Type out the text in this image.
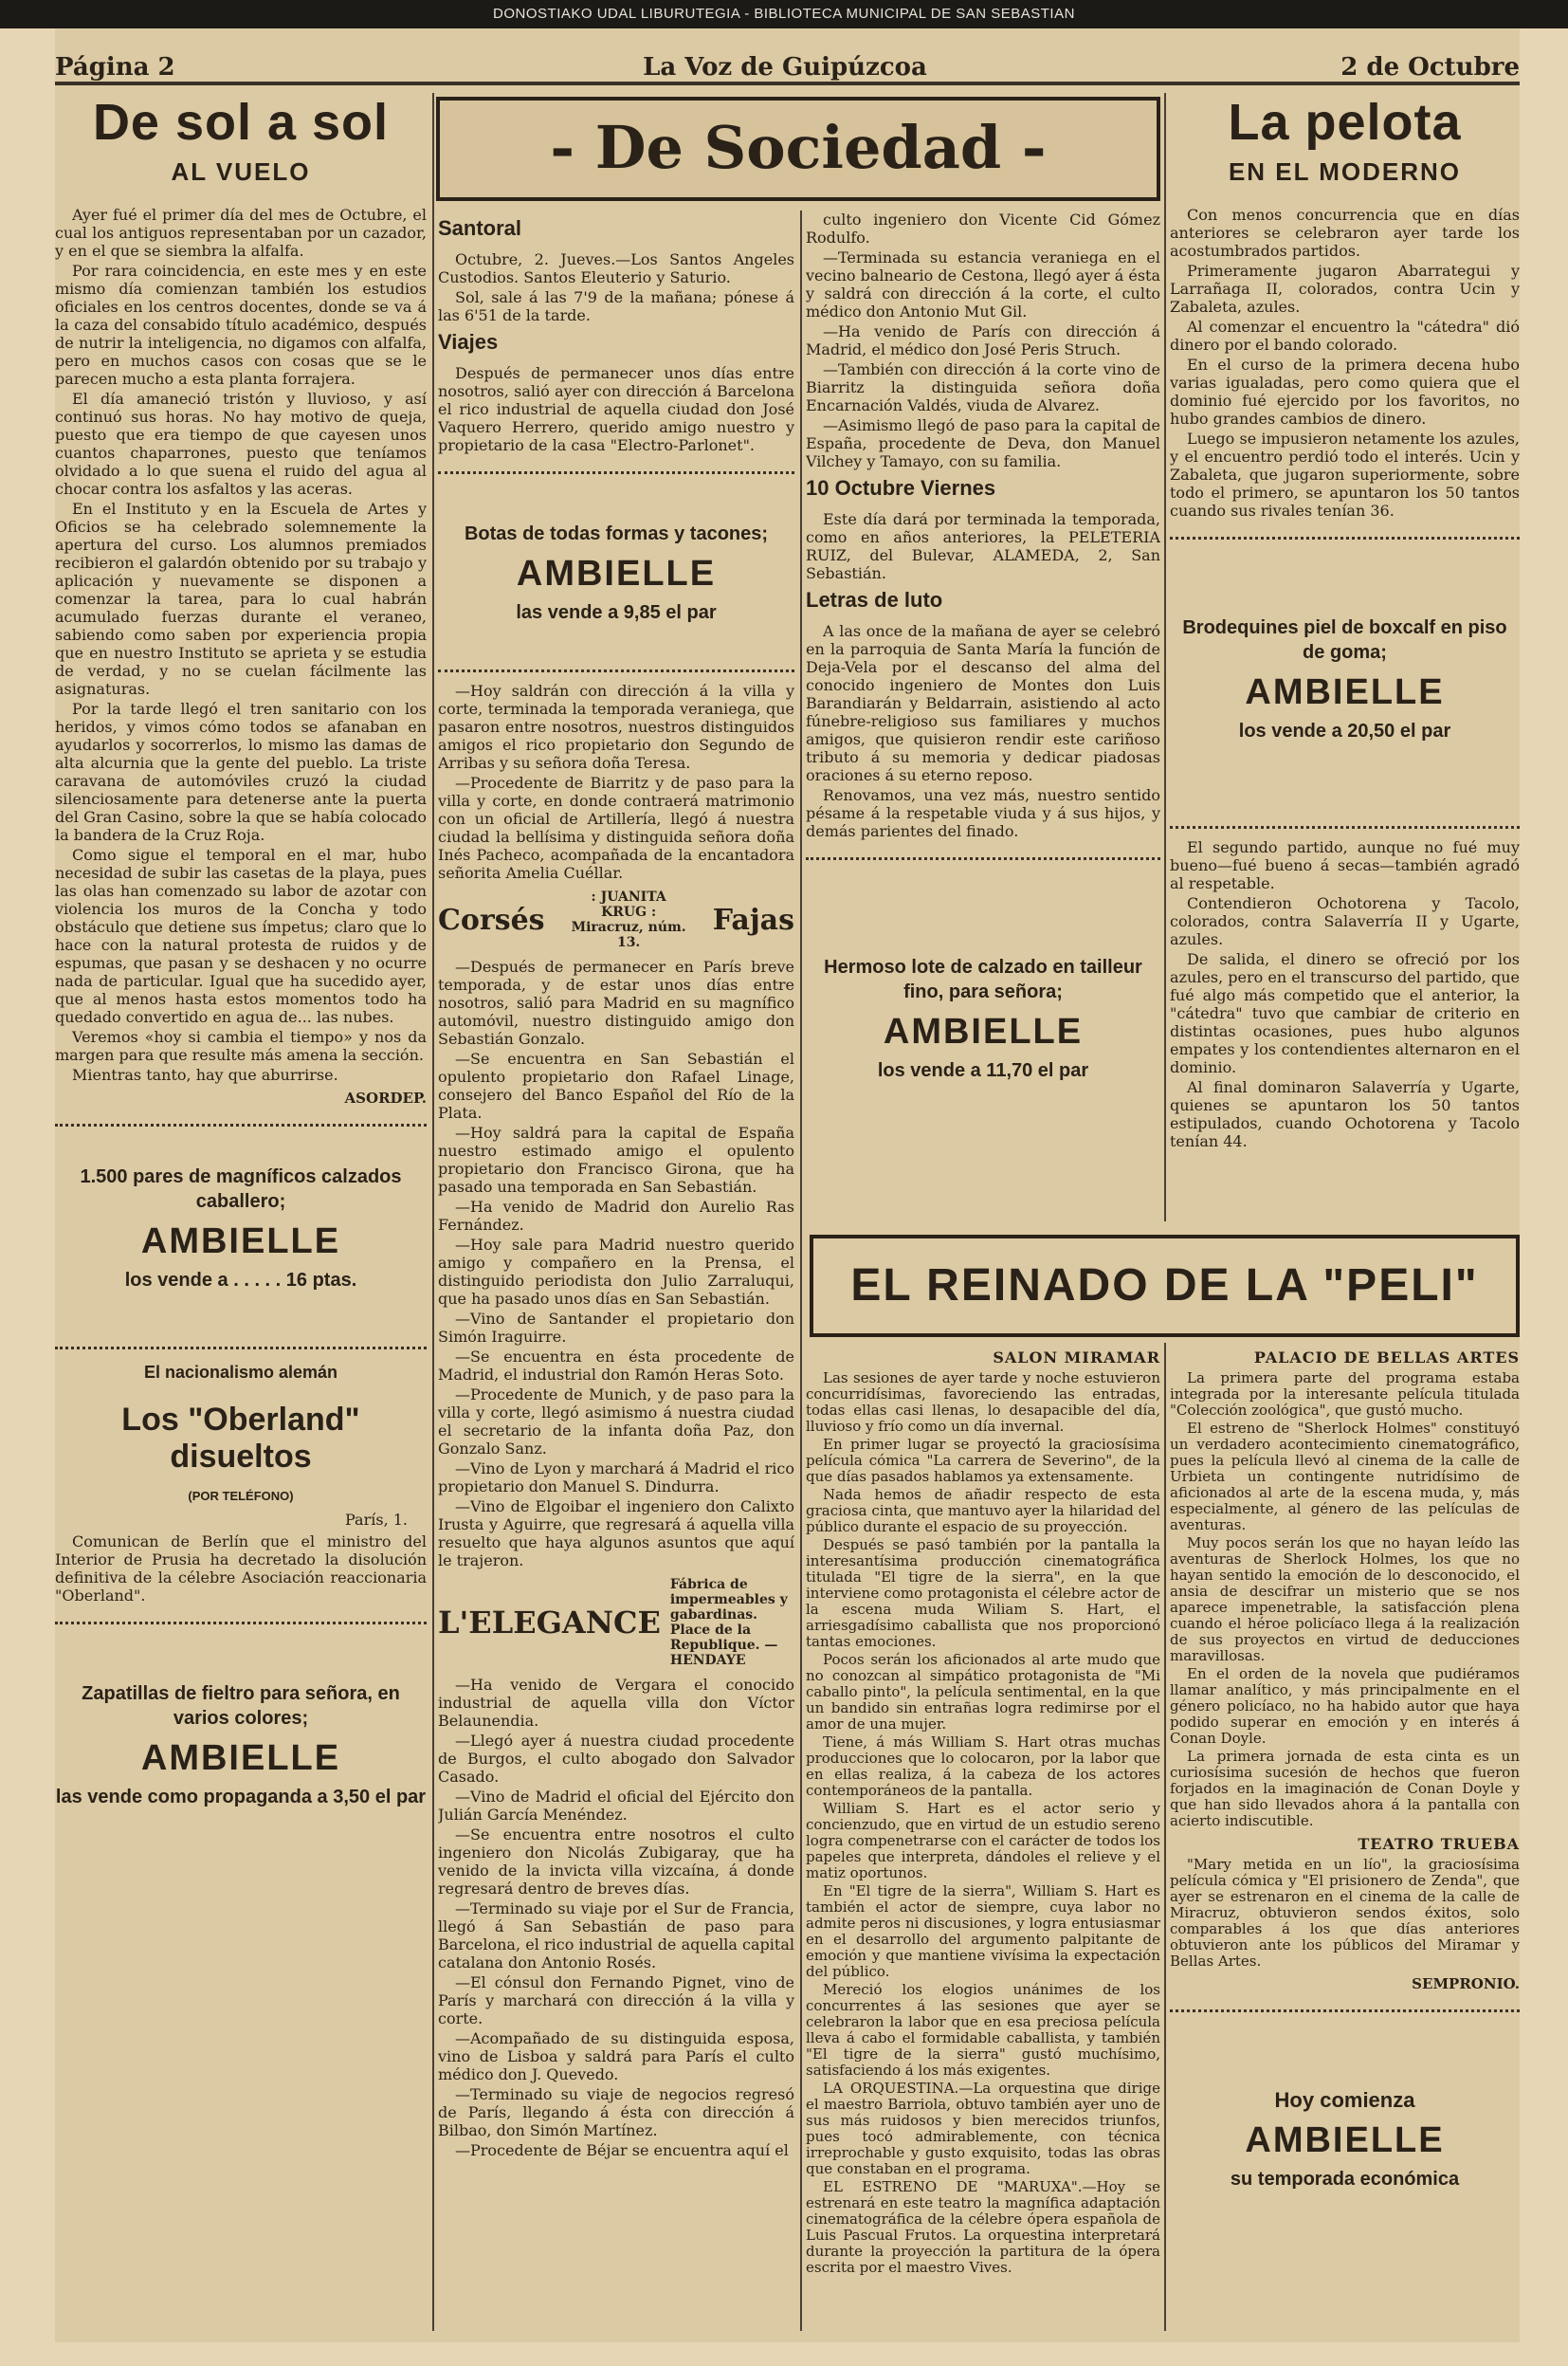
DONOSTIAKO UDAL LIBURUTEGIA - BIBLIOTECA MUNICIPAL DE SAN SEBASTIAN
Página 2	La Voz de Guipúzcoa	2 de Octubre
De sol a sol
AL VUELO

Ayer fué el primer día del mes de Octubre, el cual los antiguos representaban por un cazador, y en el que se siembra la alfalfa.

Por rara coincidencia, en este mes y en este mismo día comienzan también los estudios oficiales en los centros docentes, donde se va á la caza del consabido título académico, después de nutrir la inteligencia, no digamos con alfalfa, pero en muchos casos con cosas que se le parecen mucho a esta planta forrajera.

El día amaneció tristón y lluvioso, y así continuó sus horas. No hay motivo de queja, puesto que era tiempo de que cayesen unos cuantos chaparrones, puesto que teníamos olvidado a lo que suena el ruido del agua al chocar contra los asfaltos y las aceras.

En el Instituto y en la Escuela de Artes y Oficios se ha celebrado solemnemente la apertura del curso. Los alumnos premiados recibieron el galardón obtenido por su trabajo y aplicación y nuevamente se disponen a comenzar la tarea, para lo cual habrán acumulado fuerzas durante el veraneo, sabiendo como saben por experiencia propia que en nuestro Instituto se aprieta y se estudia de verdad, y no se cuelan fácilmente las asignaturas.

Por la tarde llegó el tren sanitario con los heridos, y vimos cómo todos se afanaban en ayudarlos y socorrerlos, lo mismo las damas de alta alcurnia que la gente del pueblo. La triste caravana de automóviles cruzó la ciudad silenciosamente para detenerse ante la puerta del Gran Casino, sobre la que se había colocado la bandera de la Cruz Roja.

Como sigue el temporal en el mar, hubo necesidad de subir las casetas de la playa, pues las olas han comenzado su labor de azotar con violencia los muros de la Concha y todo obstáculo que detiene sus ímpetus; claro que lo hace con la natural protesta de ruidos y de espumas, que pasan y se deshacen y no ocurre nada de particular. Igual que ha sucedido ayer, que al menos hasta estos momentos todo ha quedado convertido en agua de... las nubes.

Veremos «hoy si cambia el tiempo» y nos da margen para que resulte más amena la sección.

Mientras tanto, hay que aburrirse.

ASORDEP.
1.500 pares de magníficos calzados caballero;
AMBIELLE
los vende a . . . . . 16 ptas.
El nacionalismo alemán
Los "Oberland" disueltos
(POR TELÉFONO)
París, 1.

Comunican de Berlín que el ministro del Interior de Prusia ha decretado la disolución definitiva de la célebre Asociación reaccionaria "Oberland".

Zapatillas de fieltro para señora, en varios colores;
AMBIELLE
las vende como propaganda a 3,50 el par
- De Sociedad -
Santoral

Octubre, 2. Jueves.—Los Santos Angeles Custodios. Santos Eleuterio y Saturio.

Sol, sale á las 7'9 de la mañana; pónese á las 6'51 de la tarde.

Viajes

Después de permanecer unos días entre nosotros, salió ayer con dirección á Barcelona el rico industrial de aquella ciudad don José Vaquero Herrero, querido amigo nuestro y propietario de la casa "Electro-Parlonet".

Botas de todas formas y tacones;
AMBIELLE
las vende a 9,85 el par

—Hoy saldrán con dirección á la villa y corte, terminada la temporada veraniega, que pasaron entre nosotros, nuestros distinguidos amigos el rico propietario don Segundo de Arribas y su señora doña Teresa.

—Procedente de Biarritz y de paso para la villa y corte, en donde contraerá matrimonio con un oficial de Artillería, llegó á nuestra ciudad la bellísima y distinguida señora doña Inés Pacheco, acompañada de la encantadora señorita Amelia Cuéllar.

Corsés
: JUANITA KRUG : Miracruz, núm. 13.
Fajas

—Después de permanecer en París breve temporada, y de estar unos días entre nosotros, salió para Madrid en su magnífico automóvil, nuestro distinguido amigo don Sebastián Gonzalo.

—Se encuentra en San Sebastián el opulento propietario don Rafael Linage, consejero del Banco Español del Río de la Plata.

—Hoy saldrá para la capital de España nuestro estimado amigo el opulento propietario don Francisco Girona, que ha pasado una temporada en San Sebastián.

—Ha venido de Madrid don Aurelio Ras Fernández.

—Hoy sale para Madrid nuestro querido amigo y compañero en la Prensa, el distinguido periodista don Julio Zarraluqui, que ha pasado unos días en San Sebastián.

—Vino de Santander el propietario don Simón Iraguirre.

—Se encuentra en ésta procedente de Madrid, el industrial don Ramón Heras Soto.

—Procedente de Munich, y de paso para la villa y corte, llegó asimismo á nuestra ciudad el secretario de la infanta doña Paz, don Gonzalo Sanz.

—Vino de Lyon y marchará á Madrid el rico propietario don Manuel S. Dindurra.

—Vino de Elgoibar el ingeniero don Calixto Irusta y Aguirre, que regresará á aquella villa resuelto que haya algunos asuntos que aquí le trajeron.

L'ELEGANCE
Fábrica de impermeables y gabardinas. Place de la Republique. — HENDAYE

—Ha venido de Vergara el conocido industrial de aquella villa don Víctor Belaunendia.

—Llegó ayer á nuestra ciudad procedente de Burgos, el culto abogado don Salvador Casado.

—Vino de Madrid el oficial del Ejército don Julián García Menéndez.

—Se encuentra entre nosotros el culto ingeniero don Nicolás Zubigaray, que ha venido de la invicta villa vizcaína, á donde regresará dentro de breves días.

—Terminado su viaje por el Sur de Francia, llegó á San Sebastián de paso para Barcelona, el rico industrial de aquella capital catalana don Antonio Rosés.

—El cónsul don Fernando Pignet, vino de París y marchará con dirección á la villa y corte.

—Acompañado de su distinguida esposa, vino de Lisboa y saldrá para París el culto médico don J. Quevedo.

—Terminado su viaje de negocios regresó de París, llegando á ésta con dirección á Bilbao, don Simón Martínez.

—Procedente de Béjar se encuentra aquí el

culto ingeniero don Vicente Cid Gómez Rodulfo.

—Terminada su estancia veraniega en el vecino balneario de Cestona, llegó ayer á ésta y saldrá con dirección á la corte, el culto médico don Antonio Mut Gil.

—Ha venido de París con dirección á Madrid, el médico don José Peris Struch.

—También con dirección á la corte vino de Biarritz la distinguida señora doña Encarnación Valdés, viuda de Alvarez.

—Asimismo llegó de paso para la capital de España, procedente de Deva, don Manuel Vilchey y Tamayo, con su familia.

10 Octubre Viernes

Este día dará por terminada la temporada, como en años anteriores, la PELETERIA RUIZ, del Bulevar, ALAMEDA, 2, San Sebastián.

Letras de luto

A las once de la mañana de ayer se celebró en la parroquia de Santa María la función de Deja-Vela por el descanso del alma del conocido ingeniero de Montes don Luis Barandiarán y Beldarrain, asistiendo al acto fúnebre-religioso sus familiares y muchos amigos, que quisieron rendir este cariñoso tributo á su memoria y dedicar piadosas oraciones á su eterno reposo.

Renovamos, una vez más, nuestro sentido pésame á la respetable viuda y á sus hijos, y demás parientes del finado.

Hermoso lote de calzado en tailleur fino, para señora;
AMBIELLE
los vende a 11,70 el par
La pelota
EN EL MODERNO

Con menos concurrencia que en días anteriores se celebraron ayer tarde los acostumbrados partidos.

Primeramente jugaron Abarrategui y Larrañaga II, colorados, contra Ucin y Zabaleta, azules.

Al comenzar el encuentro la "cátedra" dió dinero por el bando colorado.

En el curso de la primera decena hubo varias igualadas, pero como quiera que el dominio fué ejercido por los favoritos, no hubo grandes cambios de dinero.

Luego se impusieron netamente los azules, y el encuentro perdió todo el interés. Ucin y Zabaleta, que jugaron superiormente, sobre todo el primero, se apuntaron los 50 tantos cuando sus rivales tenían 36.

Brodequines piel de boxcalf en piso de goma;
AMBIELLE
los vende a 20,50 el par

El segundo partido, aunque no fué muy bueno—fué bueno á secas—también agradó al respetable.

Contendieron Ochotorena y Tacolo, colorados, contra Salaverría II y Ugarte, azules.

De salida, el dinero se ofreció por los azules, pero en el transcurso del partido, que fué algo más competido que el anterior, la "cátedra" tuvo que cambiar de criterio en distintas ocasiones, pues hubo algunos empates y los contendientes alternaron en el dominio.

Al final dominaron Salaverría y Ugarte, quienes se apuntaron los 50 tantos estipulados, cuando Ochotorena y Tacolo tenían 44.

EL REINADO DE LA "PELI"
SALON MIRAMAR

Las sesiones de ayer tarde y noche estuvieron concurridísimas, favoreciendo las entradas, todas ellas casi llenas, lo desapacible del día, lluvioso y frío como un día invernal.

En primer lugar se proyectó la graciosísima película cómica "La carrera de Severino", de la que días pasados hablamos ya extensamente.

Nada hemos de añadir respecto de esta graciosa cinta, que mantuvo ayer la hilaridad del público durante el espacio de su proyección.

Después se pasó también por la pantalla la interesantísima producción cinematográfica titulada "El tigre de la sierra", en la que interviene como protagonista el célebre actor de la escena muda Wiliam S. Hart, el arriesgadísimo caballista que nos proporcionó tantas emociones.

Pocos serán los aficionados al arte mudo que no conozcan al simpático protagonista de "Mi caballo pinto", la película sentimental, en la que un bandido sin entrañas logra redimirse por el amor de una mujer.

Tiene, á más William S. Hart otras muchas producciones que lo colocaron, por la labor que en ellas realiza, á la cabeza de los actores contemporáneos de la pantalla.

William S. Hart es el actor serio y concienzudo, que en virtud de un estudio sereno logra compenetrarse con el carácter de todos los papeles que interpreta, dándoles el relieve y el matiz oportunos.

En "El tigre de la sierra", William S. Hart es también el actor de siempre, cuya labor no admite peros ni discusiones, y logra entusiasmar en el desarrollo del argumento palpitante de emoción y que mantiene vivísima la expectación del público.

Mereció los elogios unánimes de los concurrentes á las sesiones que ayer se celebraron la labor que en esa preciosa película lleva á cabo el formidable caballista, y también "El tigre de la sierra" gustó muchísimo, satisfaciendo á los más exigentes.

LA ORQUESTINA.—La orquestina que dirige el maestro Barriola, obtuvo también ayer uno de sus más ruidosos y bien merecidos triunfos, pues tocó admirablemente, con técnica irreprochable y gusto exquisito, todas las obras que constaban en el programa.

EL ESTRENO DE "MARUXA".—Hoy se estrenará en este teatro la magnífica adaptación cinematográfica de la célebre ópera española de Luis Pascual Frutos. La orquestina interpretará durante la proyección la partitura de la ópera escrita por el maestro Vives.

PALACIO DE BELLAS ARTES

La primera parte del programa estaba integrada por la interesante película titulada "Colección zoológica", que gustó mucho.

El estreno de "Sherlock Holmes" constituyó un verdadero acontecimiento cinematográfico, pues la película llevó al cinema de la calle de Urbieta un contingente nutridísimo de aficionados al arte de la escena muda, y, más especialmente, al género de las películas de aventuras.

Muy pocos serán los que no hayan leído las aventuras de Sherlock Holmes, los que no hayan sentido la emoción de lo desconocido, el ansia de descifrar un misterio que se nos aparece impenetrable, la satisfacción plena cuando el héroe policíaco llega á la realización de sus proyectos en virtud de deducciones maravillosas.

En el orden de la novela que pudiéramos llamar analítico, y más principalmente en el género policíaco, no ha habido autor que haya podido superar en emoción y en interés á Conan Doyle.

La primera jornada de esta cinta es un curiosísima sucesión de hechos que fueron forjados en la imaginación de Conan Doyle y que han sido llevados ahora á la pantalla con acierto indiscutible.

TEATRO TRUEBA

"Mary metida en un lío", la graciosísima película cómica y "El prisionero de Zenda", que ayer se estrenaron en el cinema de la calle de Miracruz, obtuvieron sendos éxitos, solo comparables á los que días anteriores obtuvieron ante los públicos del Miramar y Bellas Artes.

SEMPRONIO.
Hoy comienza
AMBIELLE
su temporada económica
